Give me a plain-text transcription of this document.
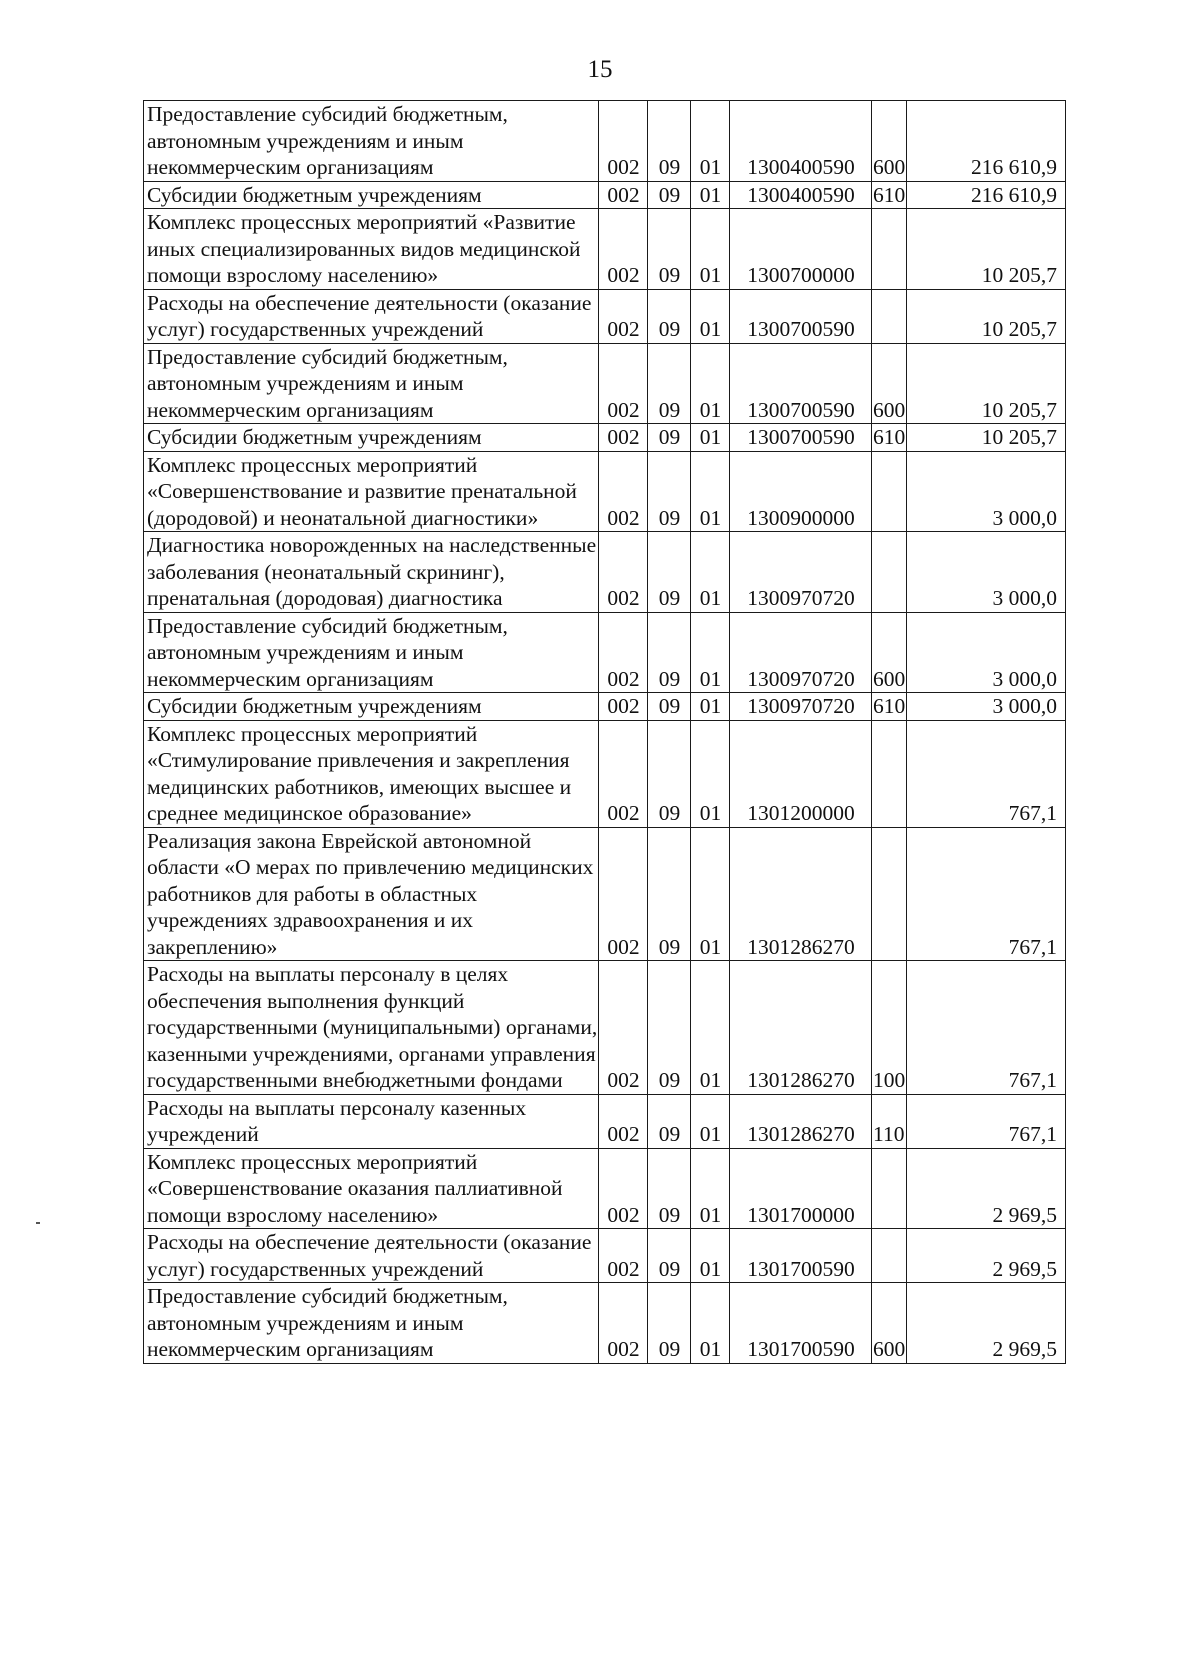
15
Предоставление субсидий бюджетным, автономным учреждениям и иным некоммерческим организациям	002	09	01	1300400590	600	216 610,9
Субсидии бюджетным учреждениям	002	09	01	1300400590	610	216 610,9
Комплекс процессных мероприятий «Развитие иных специализированных видов медицинской помощи взрослому населению»	002	09	01	1300700000		10 205,7
Расходы на обеспечение деятельности (оказание услуг) государственных учреждений	002	09	01	1300700590		10 205,7
Предоставление субсидий бюджетным, автономным учреждениям и иным некоммерческим организациям	002	09	01	1300700590	600	10 205,7
Субсидии бюджетным учреждениям	002	09	01	1300700590	610	10 205,7
Комплекс процессных мероприятий «Совершенствование и развитие пренатальной (дородовой) и неонатальной диагностики»	002	09	01	1300900000		3 000,0
Диагностика новорожденных на наследственные заболевания (неонатальный скрининг), пренатальная (дородовая) диагностика	002	09	01	1300970720		3 000,0
Предоставление субсидий бюджетным, автономным учреждениям и иным некоммерческим организациям	002	09	01	1300970720	600	3 000,0
Субсидии бюджетным учреждениям	002	09	01	1300970720	610	3 000,0
Комплекс процессных мероприятий «Стимулирование привлечения и закрепления медицинских работников, имеющих высшее и среднее медицинское образование»	002	09	01	1301200000		767,1
Реализация закона Еврейской автономной области «О мерах по привлечению медицинских работников для работы в областных учреждениях здравоохранения и их закреплению»	002	09	01	1301286270		767,1
Расходы на выплаты персоналу в целях обеспечения выполнения функций государственными (муниципальными) органами, казенными учреждениями, органами управления государственными внебюджетными фондами	002	09	01	1301286270	100	767,1
Расходы на выплаты персоналу казенных учреждений	002	09	01	1301286270	110	767,1
Комплекс процессных мероприятий «Совершенствование оказания паллиативной помощи взрослому населению»	002	09	01	1301700000		2 969,5
Расходы на обеспечение деятельности (оказание услуг) государственных учреждений	002	09	01	1301700590		2 969,5
Предоставление субсидий бюджетным, автономным учреждениям и иным некоммерческим организациям	002	09	01	1301700590	600	2 969,5
